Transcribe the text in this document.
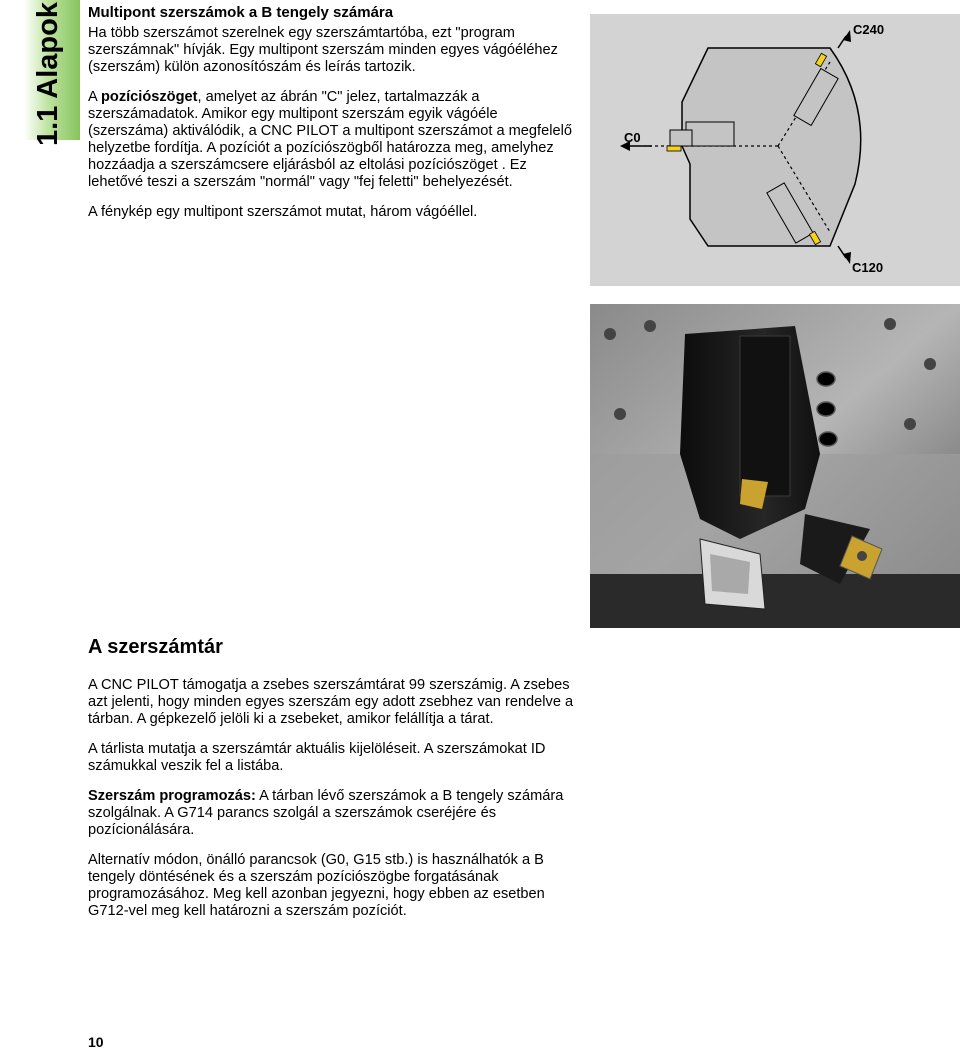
1.1 Alapok Multipont szerszámok a B tengely számára

Ha több szerszámot szerelnek egy szerszámtartóba, ezt "program szerszámnak" hívják. Egy multipont szerszám minden egyes vágóéléhez (szerszám) külön azonosítószám és leírás tartozik.

A pozíciószöget, amelyet az ábrán "C" jelez, tartalmazzák a szerszámadatok. Amikor egy multipont szerszám egyik vágóéle (szerszáma) aktiválódik, a CNC PILOT a multipont szerszámot a megfelelő helyzetbe fordítja. A pozíciót a pozíciószögből határozza meg, amelyhez hozzáadja a szerszámcsere eljárásból az eltolási pozíciószöget . Ez lehetővé teszi a szerszám "normál" vagy "fej feletti" behelyezését.

A fénykép egy multipont szerszámot mutat, három vágóéllel.

C0
C240
C120
A szerszámtár

A CNC PILOT támogatja a zsebes szerszámtárat 99 szerszámig. A zsebes azt jelenti, hogy minden egyes szerszám egy adott zsebhez van rendelve a tárban. A gépkezelő jelöli ki a zsebeket, amikor felállítja a tárat.

A tárlista mutatja a szerszámtár aktuális kijelöléseit. A szerszámokat ID számukkal veszik fel a listába.

Szerszám programozás: A tárban lévő szerszámok a B tengely számára szolgálnak. A G714 parancs szolgál a szerszámok cseréjére és pozícionálására.

Alternatív módon, önálló parancsok (G0, G15 stb.) is használhatók a B tengely döntésének és a szerszám pozíciószögbe forgatásának programozásához. Meg kell azonban jegyezni, hogy ebben az esetben G712-vel meg kell határozni a szerszám pozíciót.

10
